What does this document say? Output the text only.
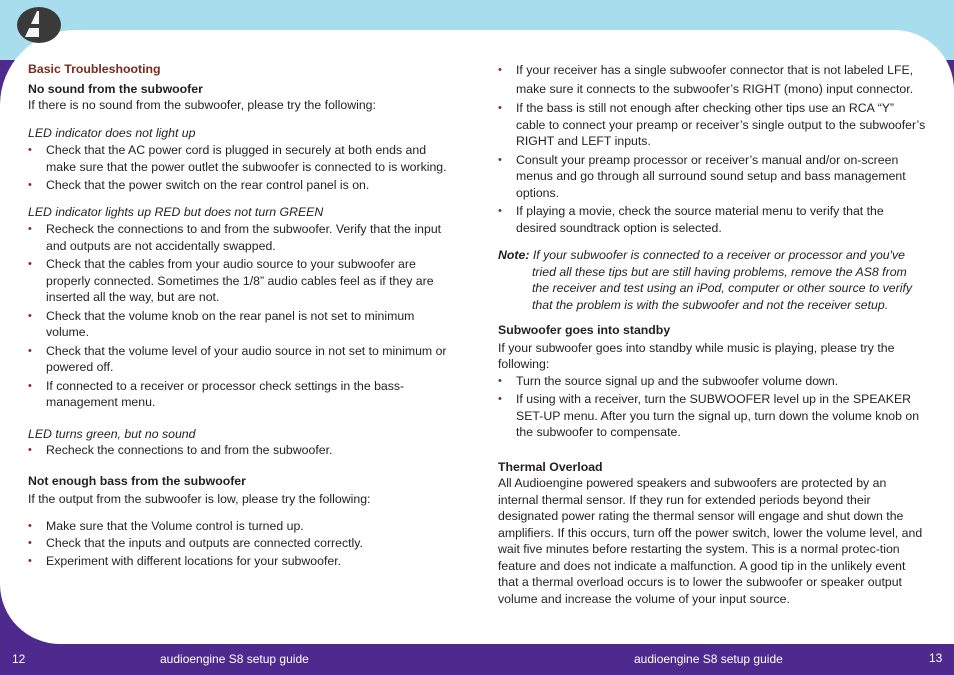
Basic Troubleshooting

No sound from the subwoofer

If there is no sound from the subwoofer, please try the following:

LED indicator does not light up

• Check that the AC power cord is plugged in securely at both ends and make sure that the power outlet the subwoofer is connected to is working.
• Check that the power switch on the rear control panel is on.

LED indicator lights up RED but does not turn GREEN

• Recheck the connections to and from the subwoofer. Verify that the input and outputs are not accidentally swapped.
• Check that the cables from your audio source to your subwoofer are properly connected. Sometimes the 1/8” audio cables feel as if they are inserted all the way, but are not.
• Check that the volume knob on the rear panel is not set to minimum volume.
• Check that the volume level of your audio source in not set to minimum or powered off.
• If connected to a receiver or processor check settings in the bass-management menu.

LED turns green, but no sound

• Recheck the connections to and from the subwoofer.

Not enough bass from the subwoofer

If the output from the subwoofer is low, please try the following:

• Make sure that the Volume control is turned up.
• Check that the inputs and outputs are connected correctly.
• Experiment with different locations for your subwoofer.
• If your receiver has a single subwoofer connector that is not labeled LFE, make sure it connects to the subwoofer’s RIGHT (mono) input connector.
• If the bass is still not enough after checking other tips use an RCA “Y” cable to connect your preamp or receiver’s single output to the subwoofer’s RIGHT and LEFT inputs.
• Consult your preamp processor or receiver’s manual and/or on-screen menus and go through all surround sound setup and bass management options.
• If playing a movie, check the source material menu to verify that the desired soundtrack option is selected.

Note: If your subwoofer is connected to a receiver or processor and you've tried all these tips but are still having problems, remove the AS8 from the receiver and test using an iPod, computer or other source to verify that the problem is with the subwoofer and not the receiver setup.

Subwoofer goes into standby

If your subwoofer goes into standby while music is playing, please try the following:

• Turn the source signal up and the subwoofer volume down.
• If using with a receiver, turn the SUBWOOFER level up in the SPEAKER SET-UP menu. After you turn the signal up, turn down the volume knob on the subwoofer to compensate.

Thermal Overload

All Audioengine powered speakers and subwoofers are protected by an internal thermal sensor. If they run for extended periods beyond their designated power rating the thermal sensor will engage and shut down the amplifiers. If this occurs, turn off the power switch, lower the volume level, and wait five minutes before restarting the system. This is a normal protec-tion feature and does not indicate a malfunction. A good tip in the unlikely event that a thermal overload occurs is to lower the subwoofer or speaker output volume and increase the volume of your input source.

12	audioengine S8 setup guide	audioengine S8 setup guide	13
